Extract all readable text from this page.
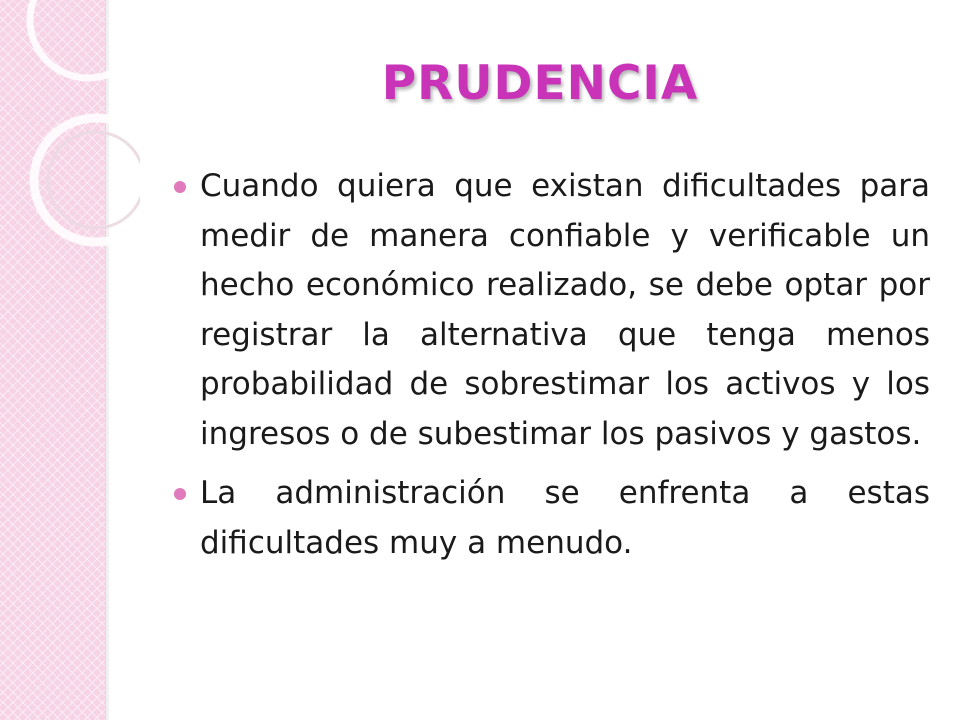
PRUDENCIA
Cuando quiera que existan dificultades para medir de manera confiable y verificable un hecho económico realizado, se debe optar por registrar la alternativa que tenga menos probabilidad de sobrestimar los activos y los ingresos o de subestimar los pasivos y gastos.
La administración se enfrenta a estas dificultades muy a menudo.
